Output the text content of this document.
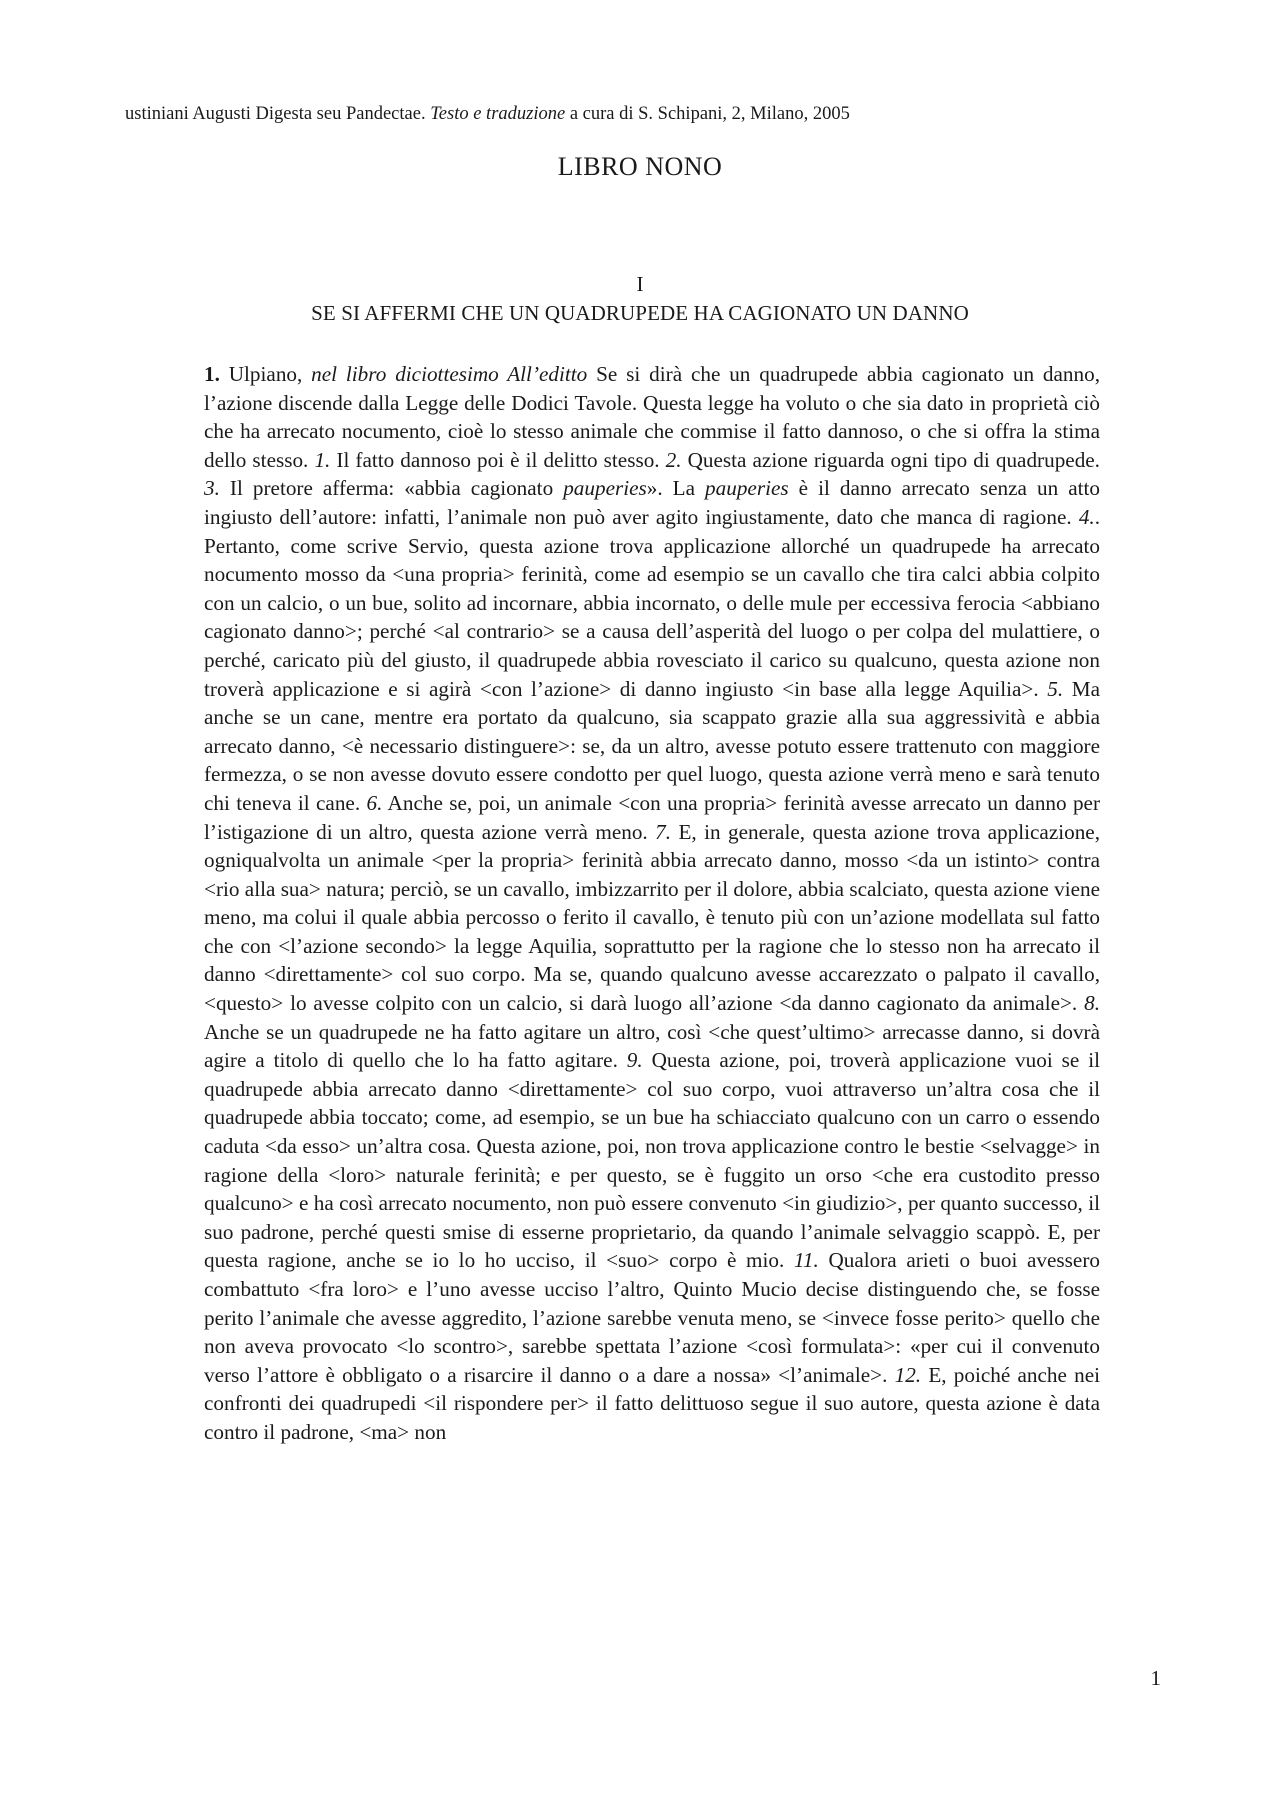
ustiniani Augusti Digesta seu Pandectae. Testo e traduzione a cura di S. Schipani, 2, Milano, 2005
LIBRO NONO
I
SE SI AFFERMI CHE UN QUADRUPEDE HA CAGIONATO UN DANNO
1. Ulpiano, nel libro diciottesimo All’editto Se si dirà che un quadrupede abbia cagionato un danno, l’azione discende dalla Legge delle Dodici Tavole. Questa legge ha voluto o che sia dato in proprietà ciò che ha arrecato nocumento, cioè lo stesso animale che commise il fatto dannoso, o che si offra la stima dello stesso. 1. Il fatto dannoso poi è il delitto stesso. 2. Questa azione riguarda ogni tipo di quadrupede. 3. Il pretore afferma: «abbia cagionato pauperies». La pauperies è il danno arrecato senza un atto ingiusto dell’autore: infatti, l’animale non può aver agito ingiustamente, dato che manca di ragione. 4.. Pertanto, come scrive Servio, questa azione trova applicazione allorché un quadrupede ha arrecato nocumento mosso da <una propria> ferinità, come ad esempio se un cavallo che tira calci abbia colpito con un calcio, o un bue, solito ad incornare, abbia incornato, o delle mule per eccessiva ferocia <abbiano cagionato danno>; perché <al contrario> se a causa dell’asperità del luogo o per colpa del mulattiere, o perché, caricato più del giusto, il quadrupede abbia rovesciato il carico su qualcuno, questa azione non troverà applicazione e si agirà <con l’azione> di danno ingiusto <in base alla legge Aquilia>. 5. Ma anche se un cane, mentre era portato da qualcuno, sia scappato grazie alla sua aggressività e abbia arrecato danno, <è necessario distinguere>: se, da un altro, avesse potuto essere trattenuto con maggiore fermezza, o se non avesse dovuto essere condotto per quel luogo, questa azione verrà meno e sarà tenuto chi teneva il cane. 6. Anche se, poi, un animale <con una propria> ferinità avesse arrecato un danno per l’istigazione di un altro, questa azione verrà meno. 7. E, in generale, questa azione trova applicazione, ogniqualvolta un animale <per la propria> ferinità abbia arrecato danno, mosso <da un istinto> contra <rio alla sua> natura; perciò, se un cavallo, imbizzarrito per il dolore, abbia scalciato, questa azione viene meno, ma colui il quale abbia percosso o ferito il cavallo, è tenuto più con un’azione modellata sul fatto che con <l’azione secondo> la legge Aquilia, soprattutto per la ragione che lo stesso non ha arrecato il danno <direttamente> col suo corpo. Ma se, quando qualcuno avesse accarezzato o palpato il cavallo, <questo> lo avesse colpito con un calcio, si darà luogo all’azione <da danno cagionato da animale>. 8. Anche se un quadrupede ne ha fatto agitare un altro, così <che quest’ultimo> arrecasse danno, si dovrà agire a titolo di quello che lo ha fatto agitare. 9. Questa azione, poi, troverà applicazione vuoi se il quadrupede abbia arrecato danno <direttamente> col suo corpo, vuoi attraverso un’altra cosa che il quadrupede abbia toccato; come, ad esempio, se un bue ha schiacciato qualcuno con un carro o essendo caduta <da esso> un’altra cosa. Questa azione, poi, non trova applicazione contro le bestie <selvagge> in ragione della <loro> naturale ferinità; e per questo, se è fuggito un orso <che era custodito presso qualcuno> e ha così arrecato nocumento, non può essere convenuto <in giudizio>, per quanto successo, il suo padrone, perché questi smise di esserne proprietario, da quando l’animale selvaggio scappò. E, per questa ragione, anche se io lo ho ucciso, il <suo> corpo è mio. 11. Qualora arieti o buoi avessero combattuto <fra loro> e l’uno avesse ucciso l’altro, Quinto Mucio decise distinguendo che, se fosse perito l’animale che avesse aggredito, l’azione sarebbe venuta meno, se <invece fosse perito> quello che non aveva provocato <lo scontro>, sarebbe spettata l’azione <così formulata>: «per cui il convenuto verso l’attore è obbligato o a risarcire il danno o a dare a nossa» <l’animale>. 12. E, poiché anche nei confronti dei quadrupedi <il rispondere per> il fatto delittuoso segue il suo autore, questa azione è data contro il padrone, <ma> non
1
